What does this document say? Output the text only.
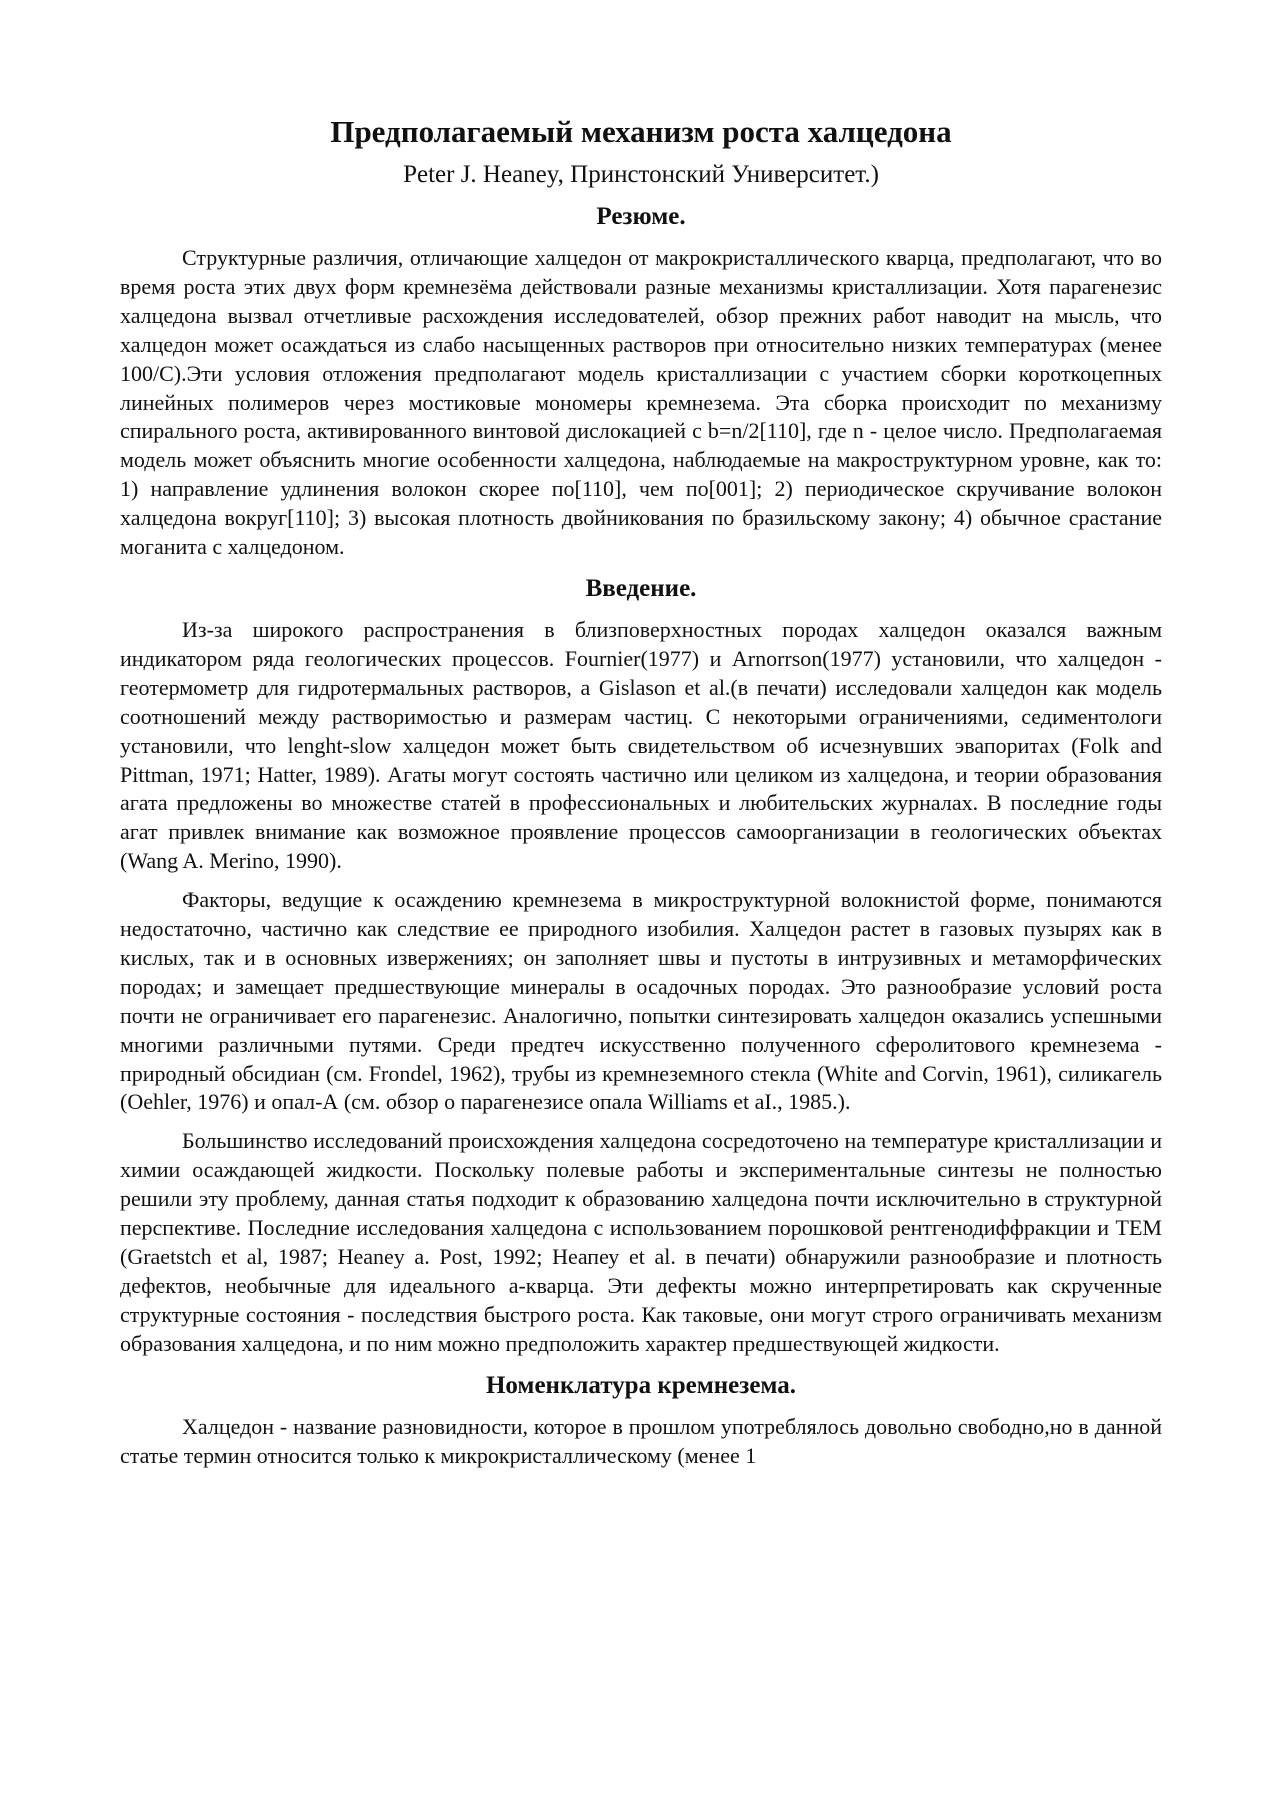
Предполагаемый механизм роста халцедона
Peter J. Heaney, Принстонский Университет.)
Резюме.

Структурные различия, отличающие халцедон от макрокристаллического кварца, предполагают, что во время роста этих двух форм кремнезёма действовали разные механизмы кристаллизации. Хотя парагенезис халцедона вызвал отчетливые расхождения исследователей, обзор прежних работ наводит на мысль, что халцедон может осаждаться из слабо насыщенных растворов при относительно низких температурах (менее 100/С).Эти условия отложения предполагают модель кристаллизации с участием сборки короткоцепных линейных полимеров через мостиковые мономеры кремнезема. Эта сборка происходит по механизму спирального роста, активированного винтовой дислокацией с b=n/2[110], где n - целое число. Предполагаемая модель может объяснить многие особенности халцедона, наблюдаемые на макроструктурном уровне, как то: 1) направление удлинения волокон скорее по[110], чем по[001]; 2) периодическое скручивание волокон халцедона вокруг[110]; 3) высокая плотность двойникования по бразильскому закону; 4) обычное срастание моганита с халцедоном.

Введение.

Из-за широкого распространения в близповерхностных породах халцедон оказался важным индикатором ряда геологических процессов. Fournier(1977) и Arnorrson(1977) установили, что халцедон - геотермометр для гидротермальных растворов, а Gislason et al.(в печати) исследовали халцедон как модель соотношений между растворимостью и размерам частиц. С некоторыми ограничениями, седиментологи установили, что lenght-slow халцедон может быть свидетельством об исчезнувших эвапоритах (Folk and Pittman, 1971; Hatter, 1989). Агаты могут состоять частично или целиком из халцедона, и теории образования агата предложены во множестве статей в профессиональных и любительских журналах. В последние годы агат привлек внимание как возможное проявление процессов самоорганизации в геологических объектах (Wang A. Merino, 1990).

Факторы, ведущие к осаждению кремнезема в микроструктурной волокнистой форме, понимаются недостаточно, частично как следствие ее природного изобилия. Халцедон растет в газовых пузырях как в кислых, так и в основных извержениях; он заполняет швы и пустоты в интрузивных и метаморфических породах; и замещает предшествующие минералы в осадочных породах. Это разнообразие условий роста почти не ограничивает его парагенезис. Аналогично, попытки синтезировать халцедон оказались успешными многими различными путями. Среди предтеч искусственно полученного сферолитового кремнезема - природный обсидиан (см. Frondel, 1962), трубы из кремнеземного стекла (White and Corvin, 1961), силикагель (Oehler, 1976) и опал-А (см. обзор о парагенезисе опала Williams et aI., 1985.).

Большинство исследований происхождения халцедона сосредоточено на температуре кристаллизации и химии осаждающей жидкости. Поскольку полевые работы и экспериментальные синтезы не полностью решили эту проблему, данная статья подходит к образованию халцедона почти исключительно в структурной перспективе. Последние исследования халцедона с использованием порошковой рентгенодиффракции и TEM (Graetstch et al, 1987; Heaney a. Post, 1992; Heапеу et al. в печати) обнаружили разнообразие и плотность дефектов, необычные для идеального а-кварца. Эти дефекты можно интерпретировать как скрученные структурные состояния - последствия быстрого роста. Как таковые, они могут строго ограничивать механизм образования халцедона, и по ним можно предположить характер предшествующей жидкости.

Номенклатура кремнезема.

Халцедон - название разновидности, которое в прошлом употреблялось довольно свободно,но в данной статье термин относится только к микрокристаллическому (менее 1
